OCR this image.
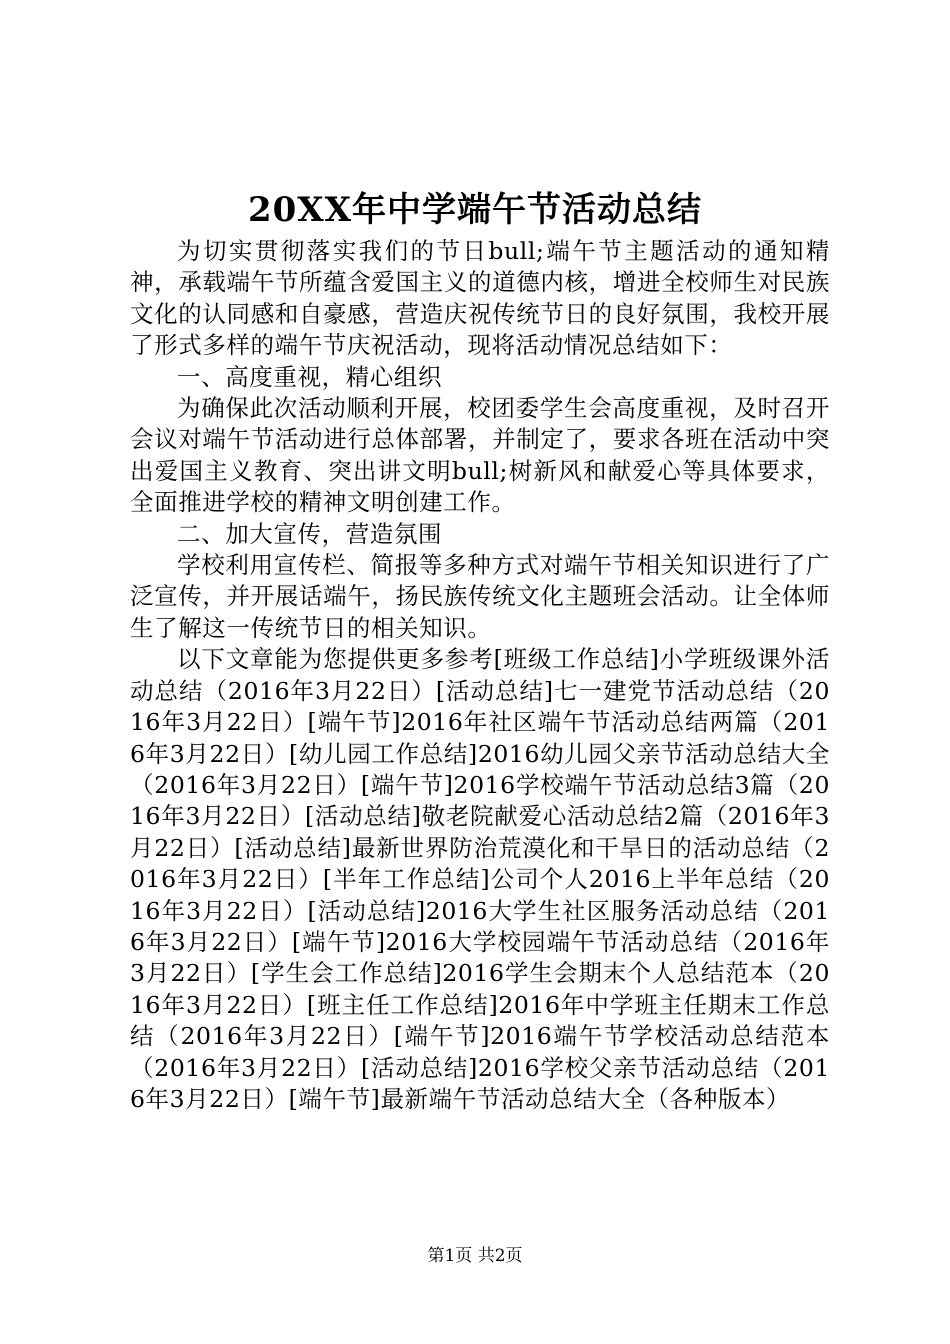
20XX年中学端午节活动总结

为切实贯彻落实我们的节日bull;端午节主题活动的通知精神，承载端午节所蕴含爱国主义的道德内核，增进全校师生对民族文化的认同感和自豪感，营造庆祝传统节日的良好氛围，我校开展了形式多样的端午节庆祝活动，现将活动情况总结如下：

一、高度重视，精心组织

为确保此次活动顺利开展，校团委学生会高度重视，及时召开会议对端午节活动进行总体部署，并制定了，要求各班在活动中突出爱国主义教育、突出讲文明bull;树新风和献爱心等具体要求，全面推进学校的精神文明创建工作。

二、加大宣传，营造氛围

学校利用宣传栏、简报等多种方式对端午节相关知识进行了广泛宣传，并开展话端午，扬民族传统文化主题班会活动。让全体师生了解这一传统节日的相关知识。

以下文章能为您提供更多参考[班级工作总结]小学班级课外活动总结（2016年3月22日）[活动总结]七一建党节活动总结（2016年3月22日）[端午节]2016年社区端午节活动总结两篇（2016年3月22日）[幼儿园工作总结]2016幼儿园父亲节活动总结大全（2016年3月22日）[端午节]2016学校端午节活动总结3篇（2016年3月22日）[活动总结]敬老院献爱心活动总结2篇（2016年3月22日）[活动总结]最新世界防治荒漠化和干旱日的活动总结（2016年3月22日）[半年工作总结]公司个人2016上半年总结（2016年3月22日）[活动总结]2016大学生社区服务活动总结（2016年3月22日）[端午节]2016大学校园端午节活动总结（2016年3月22日）[学生会工作总结]2016学生会期末个人总结范本（2016年3月22日）[班主任工作总结]2016年中学班主任期末工作总结（2016年3月22日）[端午节]2016端午节学校活动总结范本（2016年3月22日）[活动总结]2016学校父亲节活动总结（2016年3月22日）[端午节]最新端午节活动总结大全（各种版本）

第1页 共2页
